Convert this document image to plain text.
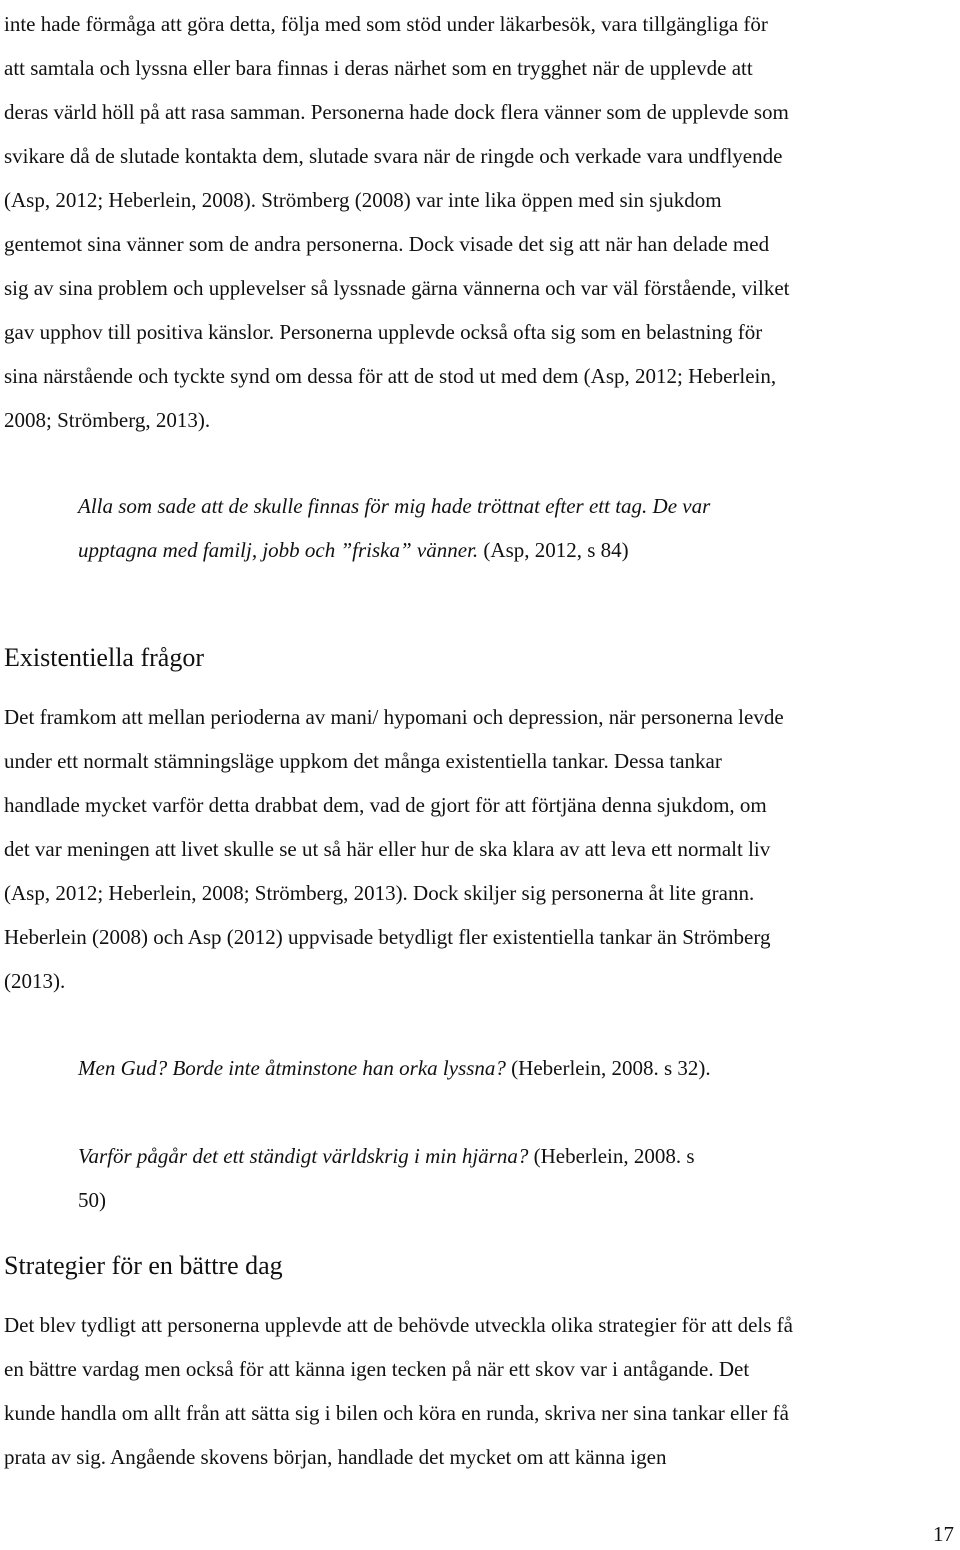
inte hade förmåga att göra detta, följa med som stöd under läkarbesök, vara tillgängliga för
att samtala och lyssna eller bara finnas i deras närhet som en trygghet när de upplevde att
deras värld höll på att rasa samman. Personerna hade dock flera vänner som de upplevde som
svikare då de slutade kontakta dem, slutade svara när de ringde och verkade vara undflyende
(Asp, 2012; Heberlein, 2008). Strömberg (2008) var inte lika öppen med sin sjukdom
gentemot sina vänner som de andra personerna. Dock visade det sig att när han delade med
sig av sina problem och upplevelser så lyssnade gärna vännerna och var väl förstående, vilket
gav upphov till positiva känslor. Personerna upplevde också ofta sig som en belastning för
sina närstående och tyckte synd om dessa för att de stod ut med dem (Asp, 2012; Heberlein,
2008; Strömberg, 2013).
Alla som sade att de skulle finnas för mig hade tröttnat efter ett tag. De var
upptagna med familj, jobb och ”friska” vänner. (Asp, 2012, s 84)
Existentiella frågor
Det framkom att mellan perioderna av mani/ hypomani och depression, när personerna levde
under ett normalt stämningsläge uppkom det många existentiella tankar. Dessa tankar
handlade mycket varför detta drabbat dem, vad de gjort för att förtjäna denna sjukdom, om
det var meningen att livet skulle se ut så här eller hur de ska klara av att leva ett normalt liv
(Asp, 2012; Heberlein, 2008; Strömberg, 2013). Dock skiljer sig personerna åt lite grann.
Heberlein (2008) och Asp (2012) uppvisade betydligt fler existentiella tankar än Strömberg
(2013).
Men Gud? Borde inte åtminstone han orka lyssna? (Heberlein, 2008. s 32).
Varför pågår det ett ständigt världskrig i min hjärna? (Heberlein, 2008. s
50)
Strategier för en bättre dag
Det blev tydligt att personerna upplevde att de behövde utveckla olika strategier för att dels få
en bättre vardag men också för att känna igen tecken på när ett skov var i antågande. Det
kunde handla om allt från att sätta sig i bilen och köra en runda, skriva ner sina tankar eller få
prata av sig. Angående skovens början, handlade det mycket om att känna igen
17
